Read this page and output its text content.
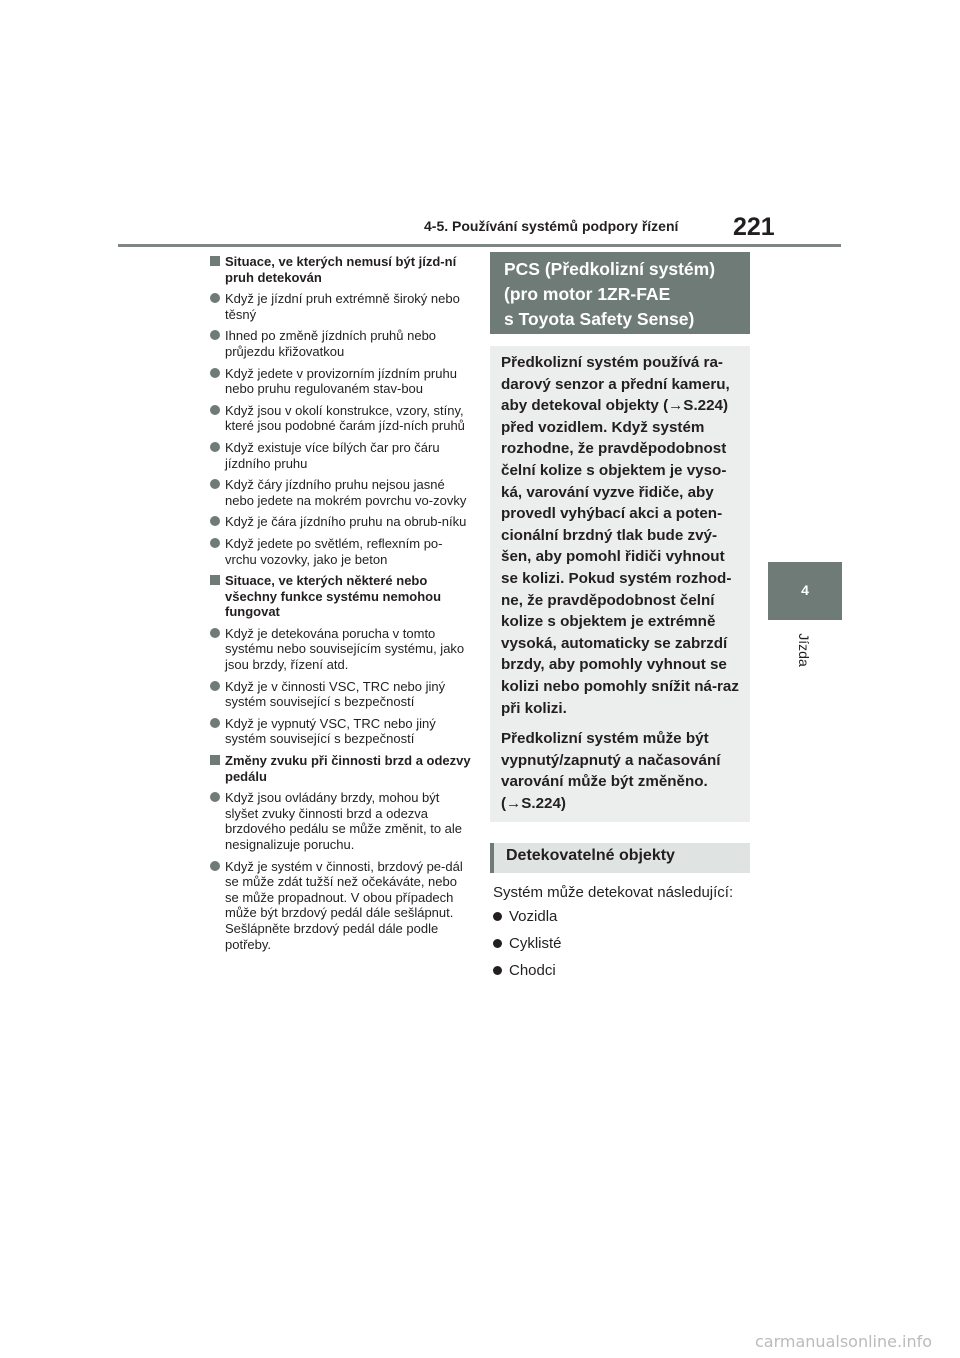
4-5. Používání systémů podpory řízení 221
4
Jízda
Situace, ve kterých nemusí být jízd-ní pruh detekován
Když je jízdní pruh extrémně široký nebo těsný
Ihned po změně jízdních pruhů nebo průjezdu křižovatkou
Když jedete v provizorním jízdním pruhu nebo pruhu regulovaném stav-bou
Když jsou v okolí konstrukce, vzory, stíny, které jsou podobné čarám jízd-ních pruhů
Když existuje více bílých čar pro čáru jízdního pruhu
Když čáry jízdního pruhu nejsou jasné nebo jedete na mokrém povrchu vo-zovky
Když je čára jízdního pruhu na obrub-níku
Když jedete po světlém, reflexním po-vrchu vozovky, jako je beton
Situace, ve kterých některé nebo všechny funkce systému nemohou fungovat
Když je detekována porucha v tomto systému nebo souvisejícím systému, jako jsou brzdy, řízení atd.
Když je v činnosti VSC, TRC nebo jiný systém související s bezpečností
Když je vypnutý VSC, TRC nebo jiný systém související s bezpečností
Změny zvuku při činnosti brzd a odezvy pedálu
Když jsou ovládány brzdy, mohou být slyšet zvuky činnosti brzd a odezva brzdového pedálu se může změnit, to ale nesignalizuje poruchu.
Když je systém v činnosti, brzdový pe-dál se může zdát tužší než očekáváte, nebo se může propadnout. V obou případech může být brzdový pedál dále sešlápnut. Sešlápněte brzdový pedál dále podle potřeby.
PCS (Předkolizní systém)
(pro motor 1ZR-FAE
s Toyota Safety Sense)

Předkolizní systém používá ra-darový senzor a přední kameru, aby detekoval objekty (→S.224) před vozidlem. Když systém rozhodne, že pravděpodobnost čelní kolize s objektem je vyso-ká, varování vyzve řidiče, aby provedl vyhýbací akci a poten-cionální brzdný tlak bude zvý-šen, aby pomohl řidiči vyhnout se kolizi. Pokud systém rozhod-ne, že pravděpodobnost čelní kolize s objektem je extrémně vysoká, automaticky se zabrzdí brzdy, aby pomohly vyhnout se kolizi nebo pomohly snížit ná-raz při kolizi.

Předkolizní systém může být vypnutý/zapnutý a načasování varování může být změněno. (→S.224)

Detekovatelné objekty
Systém může detekovat následující:
Vozidla
Cyklisté
Chodci
carmanualsonline.info
